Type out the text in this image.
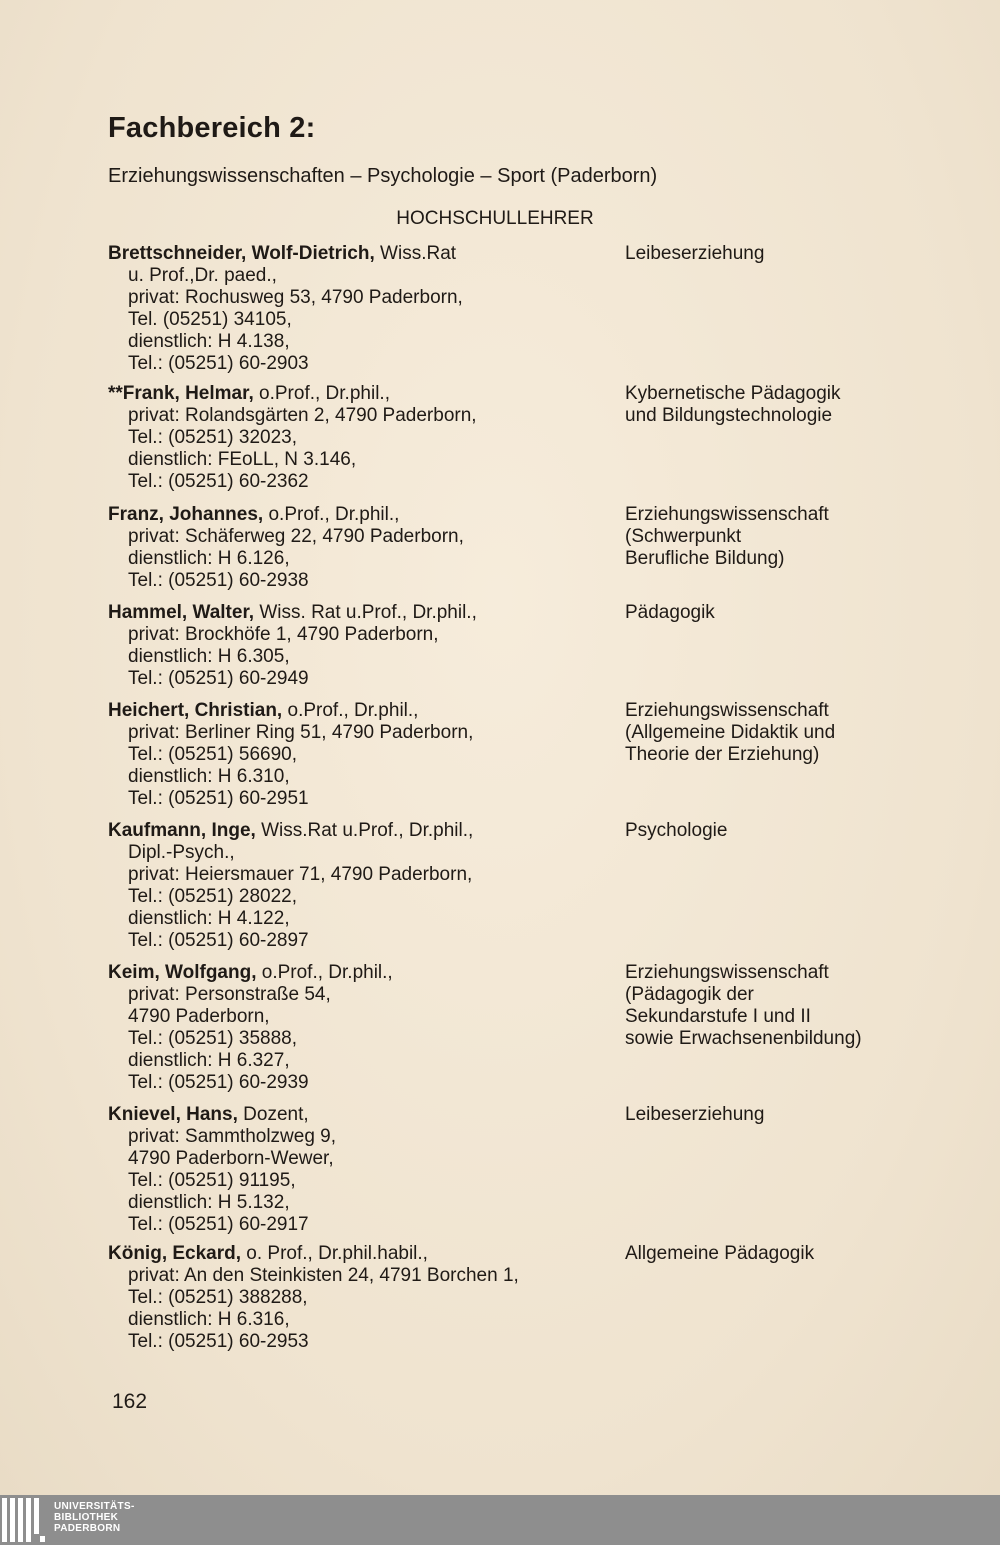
Fachbereich 2:
Erziehungswissenschaften – Psychologie – Sport (Paderborn)
HOCHSCHULLEHRER
Brettschneider, Wolf-Dietrich, Wiss.Rat
u. Prof.,Dr. paed.,
privat: Rochusweg 53, 4790 Paderborn,
Tel. (05251) 34105,
dienstlich: H 4.138,
Tel.: (05251) 60-2903
Leibeserziehung
**Frank, Helmar, o.Prof., Dr.phil.,
privat: Rolandsgärten 2, 4790 Paderborn,
Tel.: (05251) 32023,
dienstlich: FEoLL, N 3.146,
Tel.: (05251) 60-2362
Kybernetische Pädagogik
und Bildungstechnologie
Franz, Johannes, o.Prof., Dr.phil.,
privat: Schäferweg 22, 4790 Paderborn,
dienstlich: H 6.126,
Tel.: (05251) 60-2938
Erziehungswissenschaft
(Schwerpunkt
Berufliche Bildung)
Hammel, Walter, Wiss. Rat u.Prof., Dr.phil.,
privat: Brockhöfe 1, 4790 Paderborn,
dienstlich: H 6.305,
Tel.: (05251) 60-2949
Pädagogik
Heichert, Christian, o.Prof., Dr.phil.,
privat: Berliner Ring 51, 4790 Paderborn,
Tel.: (05251) 56690,
dienstlich: H 6.310,
Tel.: (05251) 60-2951
Erziehungswissenschaft
(Allgemeine Didaktik und
Theorie der Erziehung)
Kaufmann, Inge, Wiss.Rat u.Prof., Dr.phil.,
Dipl.-Psych.,
privat: Heiersmauer 71, 4790 Paderborn,
Tel.: (05251) 28022,
dienstlich: H 4.122,
Tel.: (05251) 60-2897
Psychologie
Keim, Wolfgang, o.Prof., Dr.phil.,
privat: Personstraße 54,
4790 Paderborn,
Tel.: (05251) 35888,
dienstlich: H 6.327,
Tel.: (05251) 60-2939
Erziehungswissenschaft
(Pädagogik der
Sekundarstufe I und II
sowie Erwachsenenbildung)
Knievel, Hans, Dozent,
privat: Sammtholzweg 9,
4790 Paderborn-Wewer,
Tel.: (05251) 91195,
dienstlich: H 5.132,
Tel.: (05251) 60-2917
Leibeserziehung
König, Eckard, o. Prof., Dr.phil.habil.,
privat: An den Steinkisten 24, 4791 Borchen 1,
Tel.: (05251) 388288,
dienstlich: H 6.316,
Tel.: (05251) 60-2953
Allgemeine Pädagogik
162
UNIVERSITÄTS-
BIBLIOTHEK
PADERBORN
